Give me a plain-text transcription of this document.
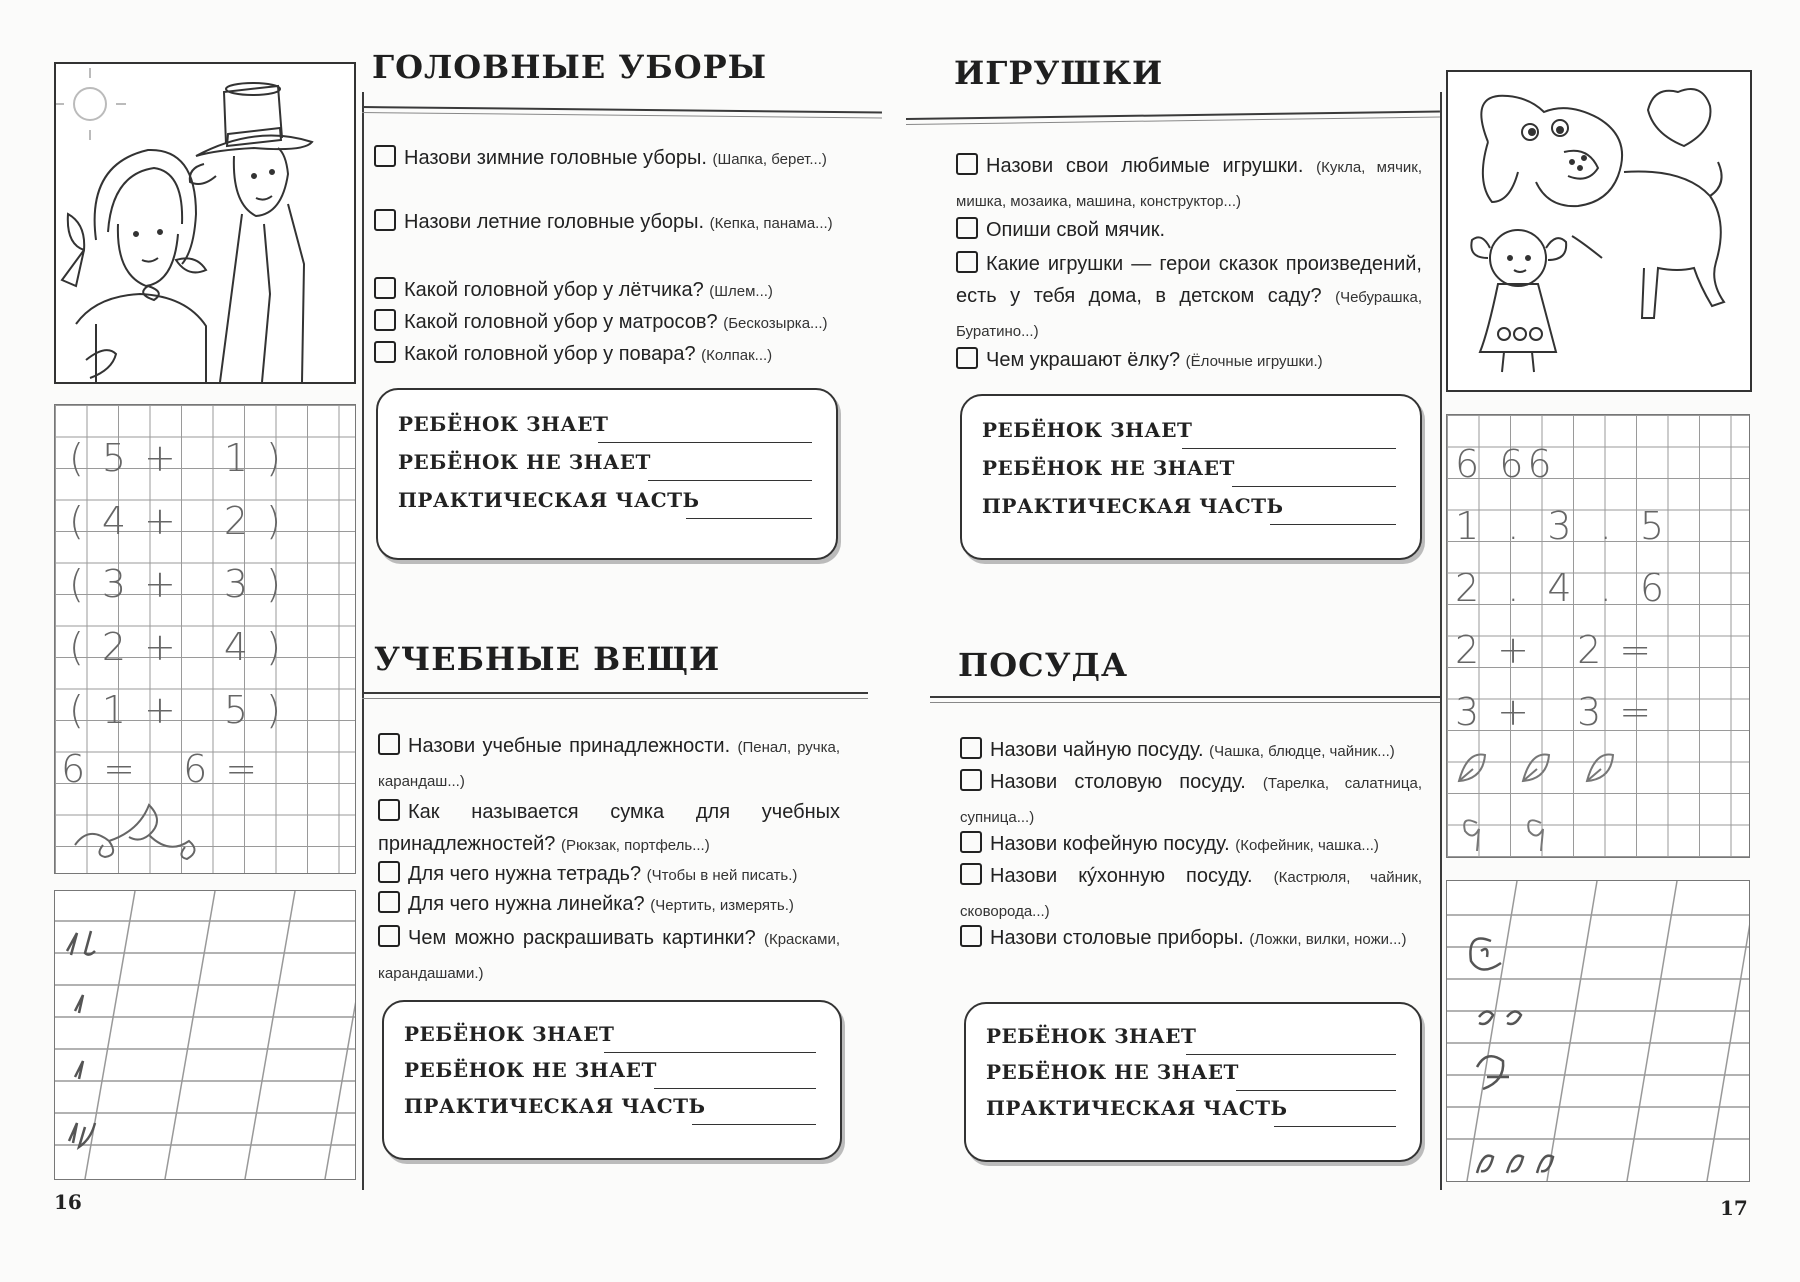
(5+ 1)
(4+ 2)
(3+ 3)
(2+ 4)
(1+ 5)
6= 6=
16
ГОЛОВНЫЕ УБОРЫ
Назови зимние головные уборы. (Шапка, берет...)
Назови летние головные уборы. (Кепка, панама...)
Какой головной убор у лётчика? (Шлем...)
Какой головной убор у матросов? (Бескозырка...)
Какой головной убор у повара? (Колпак...)
РЕБЁНОК ЗНАЕТ
РЕБЁНОК НЕ ЗНАЕТ
ПРАКТИЧЕСКАЯ ЧАСТЬ
ИГРУШКИ
Назови свои любимые игрушки. (Кукла, мячик, мишка, мозаика, машина, конструктор...)
Опиши свой мячик.
Какие игрушки — герои сказок произведений, есть у тебя дома, в детском саду? (Чебурашка, Буратино...)
Чем украшают ёлку? (Ёлочные игрушки.)
РЕБЁНОК ЗНАЕТ
РЕБЁНОК НЕ ЗНАЕТ
ПРАКТИЧЕСКАЯ ЧАСТЬ
УЧЕБНЫЕ ВЕЩИ
Назови учебные принадлежности. (Пенал, ручка, карандаш...)
Как называется сумка для учебных принадлежностей? (Рюкзак, портфель...)
Для чего нужна тетрадь? (Чтобы в ней писать.)
Для чего нужна линейка? (Чертить, измерять.)
Чем можно раскрашивать картинки? (Красками, карандашами.)
РЕБЁНОК ЗНАЕТ
РЕБЁНОК НЕ ЗНАЕТ
ПРАКТИЧЕСКАЯ ЧАСТЬ
ПОСУДА
Назови чайную посуду. (Чашка, блюдце, чайник...)
Назови столовую посуду. (Тарелка, салатница, супница...)
Назови кофейную посуду. (Кофейник, чашка...)
Назови кýхонную посуду. (Кастрюля, чайник, сковорода...)
Назови столовые приборы. (Ложки, вилки, ножи...)
РЕБЁНОК ЗНАЕТ
РЕБЁНОК НЕ ЗНАЕТ
ПРАКТИЧЕСКАЯ ЧАСТЬ
6 66
1 . 3 . 5
2 . 4 . 6
2+ 2=
3+ 3=
17
